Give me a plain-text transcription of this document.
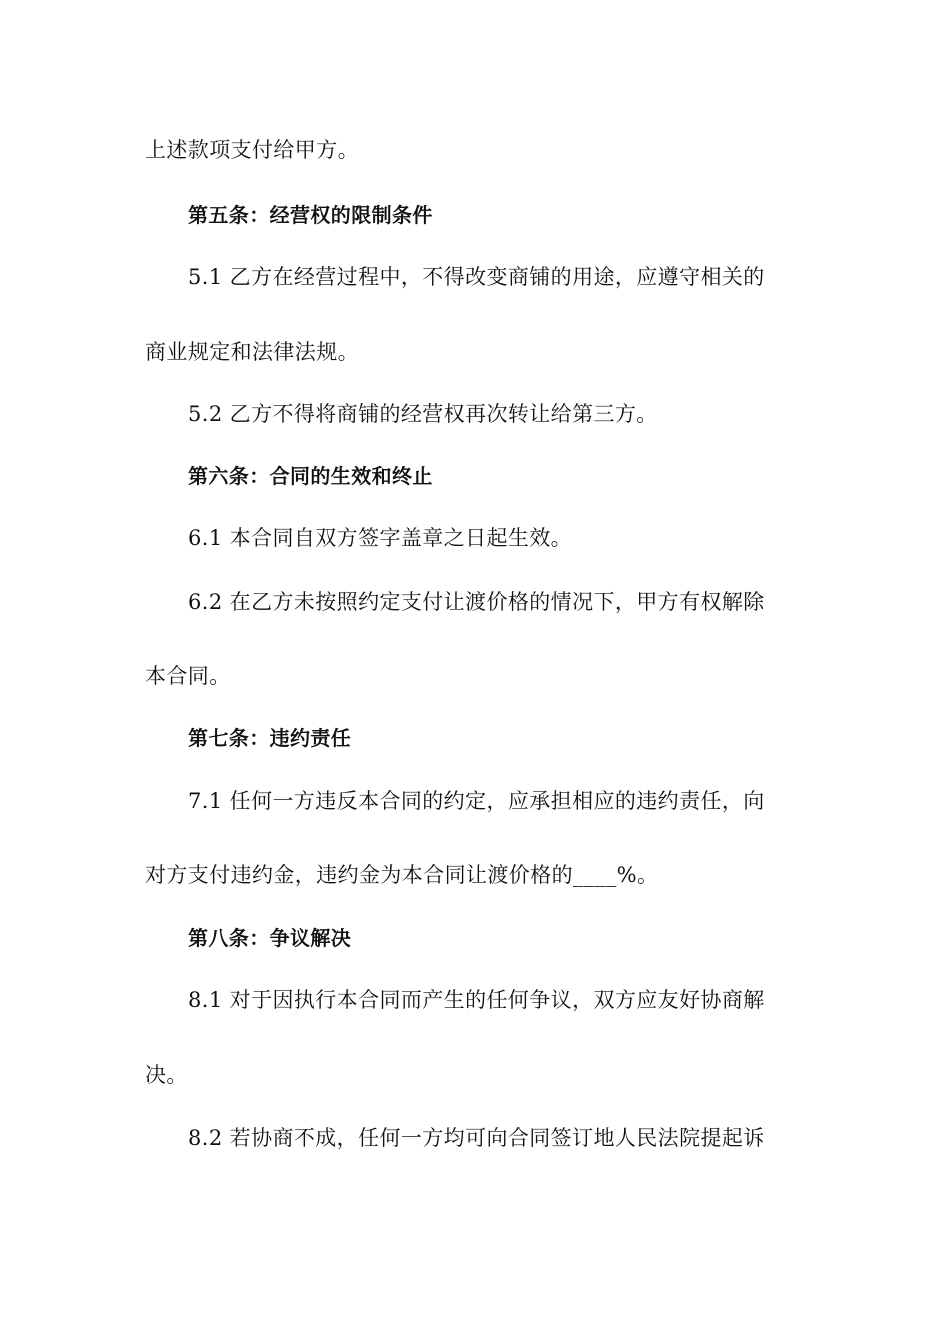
上述款项支付给甲方。

第五条：经营权的限制条件

5.1 乙方在经营过程中，不得改变商铺的用途，应遵守相关的

商业规定和法律法规。

5.2 乙方不得将商铺的经营权再次转让给第三方。

第六条：合同的生效和终止

6.1 本合同自双方签字盖章之日起生效。

6.2 在乙方未按照约定支付让渡价格的情况下，甲方有权解除

本合同。

第七条：违约责任

7.1 任何一方违反本合同的约定，应承担相应的违约责任，向

对方支付违约金，违约金为本合同让渡价格的____%。

第八条：争议解决

8.1 对于因执行本合同而产生的任何争议，双方应友好协商解

决。

8.2 若协商不成，任何一方均可向合同签订地人民法院提起诉
